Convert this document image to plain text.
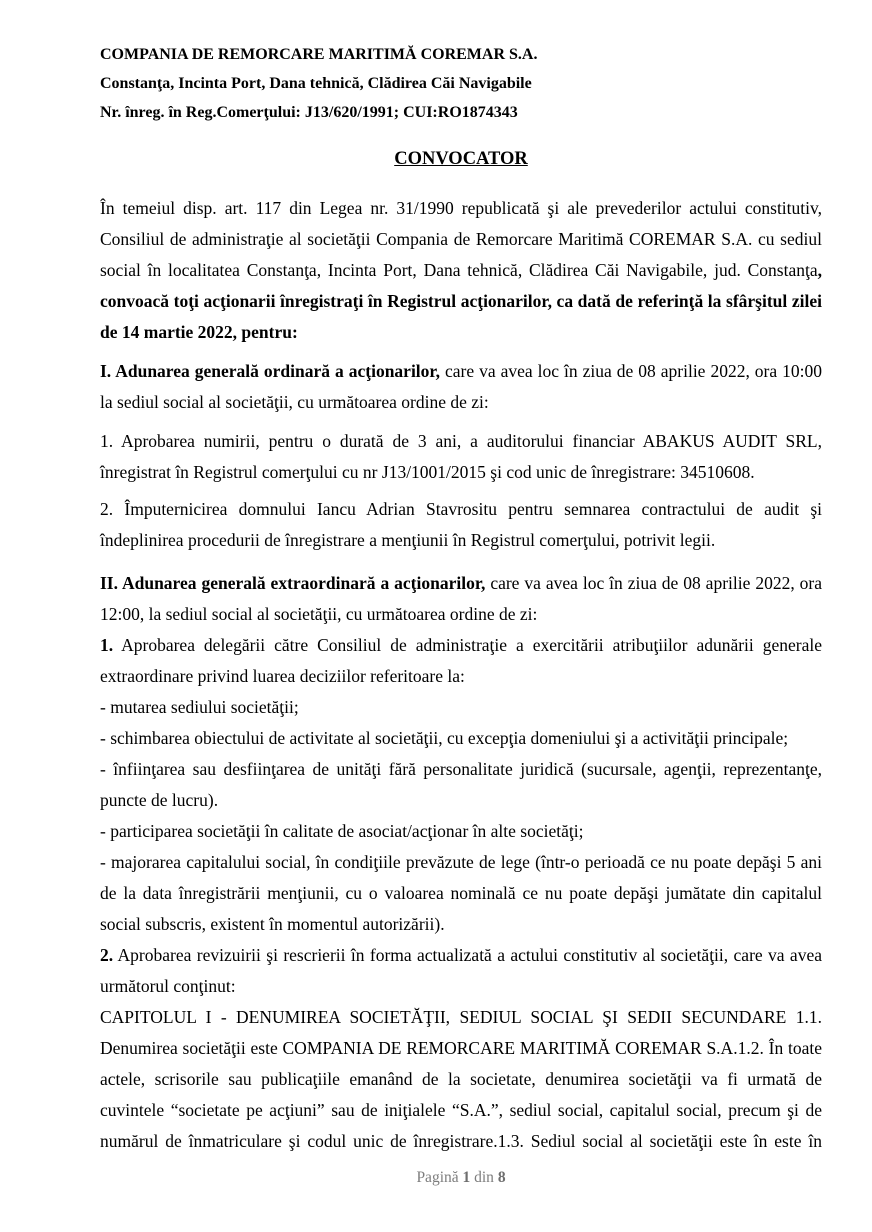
COMPANIA DE REMORCARE MARITIMĂ COREMAR S.A.
Constanţa, Incinta Port, Dana tehnică, Clădirea Căi Navigabile
Nr. înreg. în Reg.Comerţului: J13/620/1991; CUI:RO1874343
CONVOCATOR

În temeiul disp. art. 117 din Legea nr. 31/1990 republicată şi ale prevederilor actului constitutiv, Consiliul de administraţie al societăţii Compania de Remorcare Maritimă COREMAR S.A. cu sediul social în localitatea Constanţa, Incinta Port, Dana tehnică, Clădirea Căi Navigabile, jud. Constanţa, convoacă toţi acţionarii înregistraţi în Registrul acţionarilor, ca dată de referinţă la sfârşitul zilei de 14 martie 2022, pentru:

I. Adunarea generală ordinară a acţionarilor, care va avea loc în ziua de 08 aprilie 2022, ora 10:00 la sediul social al societăţii, cu următoarea ordine de zi:

1. Aprobarea numirii, pentru o durată de 3 ani, a auditorului financiar ABAKUS AUDIT SRL, înregistrat în Registrul comerţului cu nr J13/1001/2015 şi cod unic de înregistrare: 34510608.

2. Împuternicirea domnului Iancu Adrian Stavrositu pentru semnarea contractului de audit şi îndeplinirea procedurii de înregistrare a menţiunii în Registrul comerţului, potrivit legii.

II. Adunarea generală extraordinară a acţionarilor, care va avea loc în ziua de 08 aprilie 2022, ora 12:00, la sediul social al societăţii, cu următoarea ordine de zi:

1. Aprobarea delegării către Consiliul de administraţie a exercitării atribuţiilor adunării generale extraordinare privind luarea deciziilor referitoare la:

- mutarea sediului societăţii;

- schimbarea obiectului de activitate al societăţii, cu excepţia domeniului şi a activităţii principale;

- înfiinţarea sau desfiinţarea de unităţi fără personalitate juridică (sucursale, agenţii, reprezentanţe, puncte de lucru).

- participarea societăţii în calitate de asociat/acţionar în alte societăţi;

- majorarea capitalului social, în condiţiile prevăzute de lege (într-o perioadă ce nu poate depăşi 5 ani de la data înregistrării menţiunii, cu o valoarea nominală ce nu poate depăşi jumătate din capitalul social subscris, existent în momentul autorizării).

2. Aprobarea revizuirii şi rescrierii în forma actualizată a actului constitutiv al societăţii, care va avea următorul conţinut:

CAPITOLUL I - DENUMIREA SOCIETĂŢII, SEDIUL SOCIAL ŞI SEDII SECUNDARE 1.1. Denumirea societăţii este COMPANIA DE REMORCARE MARITIMĂ COREMAR S.A.1.2. În toate actele, scrisorile sau publicaţiile emanând de la societate, denumirea societăţii va fi urmată de cuvintele “societate pe acţiuni” sau de iniţialele “S.A.”, sediul social, capitalul social, precum şi de numărul de înmatriculare şi codul unic de înregistrare.1.3. Sediul social al societăţii este în este în

Pagină 1 din 8
